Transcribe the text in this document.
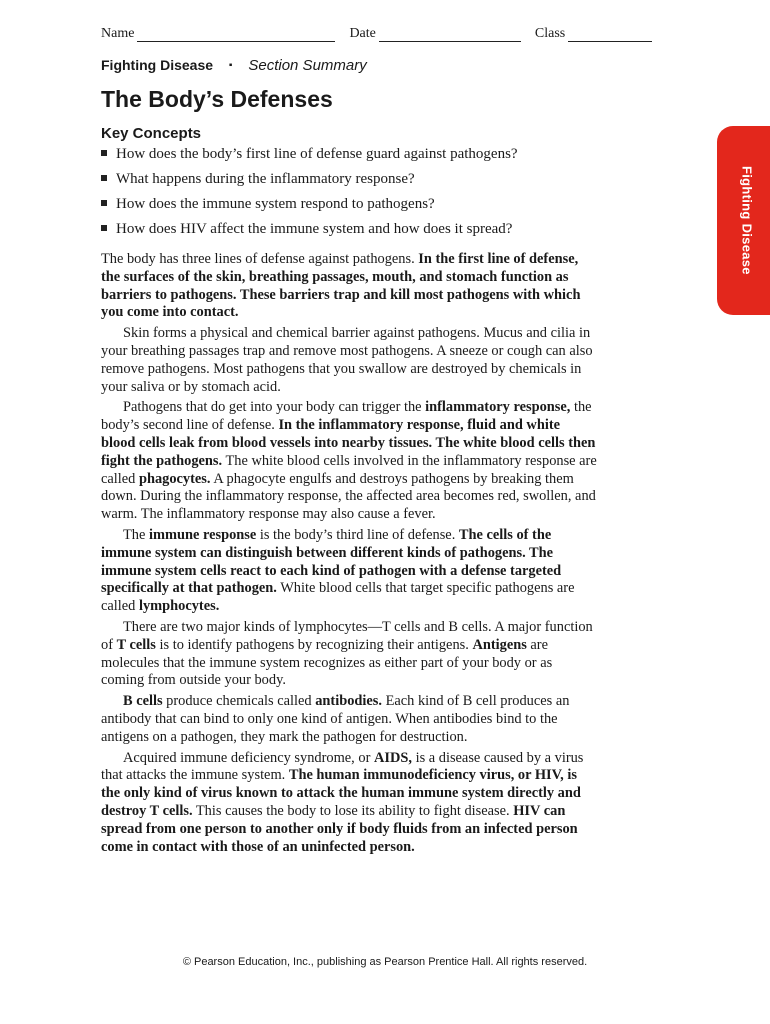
Name	Date	Class
Fighting Disease ▪ Section Summary
The Body’s Defenses
Key Concepts
How does the body’s first line of defense guard against pathogens?
What happens during the inflammatory response?
How does the immune system respond to pathogens?
How does HIV affect the immune system and how does it spread?

The body has three lines of defense against pathogens. In the first line of defense, the surfaces of the skin, breathing passages, mouth, and stomach function as barriers to pathogens. These barriers trap and kill most pathogens with which you come into contact.

Skin forms a physical and chemical barrier against pathogens. Mucus and cilia in your breathing passages trap and remove most pathogens. A sneeze or cough can also remove pathogens. Most pathogens that you swallow are destroyed by chemicals in your saliva or by stomach acid.

Pathogens that do get into your body can trigger the inflammatory response, the body’s second line of defense. In the inflammatory response, fluid and white blood cells leak from blood vessels into nearby tissues. The white blood cells then fight the pathogens. The white blood cells involved in the inflammatory response are called phagocytes. A phagocyte engulfs and destroys pathogens by breaking them down. During the inflammatory response, the affected area becomes red, swollen, and warm. The inflammatory response may also cause a fever.

The immune response is the body’s third line of defense. The cells of the immune system can distinguish between different kinds of pathogens. The immune system cells react to each kind of pathogen with a defense targeted specifically at that pathogen. White blood cells that target specific pathogens are called lymphocytes.

There are two major kinds of lymphocytes—T cells and B cells. A major function of T cells is to identify pathogens by recognizing their antigens. Antigens are molecules that the immune system recognizes as either part of your body or as coming from outside your body.

B cells produce chemicals called antibodies. Each kind of B cell produces an antibody that can bind to only one kind of antigen. When antibodies bind to the antigens on a pathogen, they mark the pathogen for destruction.

Acquired immune deficiency syndrome, or AIDS, is a disease caused by a virus that attacks the immune system. The human immunodeficiency virus, or HIV, is the only kind of virus known to attack the human immune system directly and destroy T cells. This causes the body to lose its ability to fight disease. HIV can spread from one person to another only if body fluids from an infected person come in contact with those of an uninfected person.

Fighting Disease
© Pearson Education, Inc., publishing as Pearson Prentice Hall. All rights reserved.
